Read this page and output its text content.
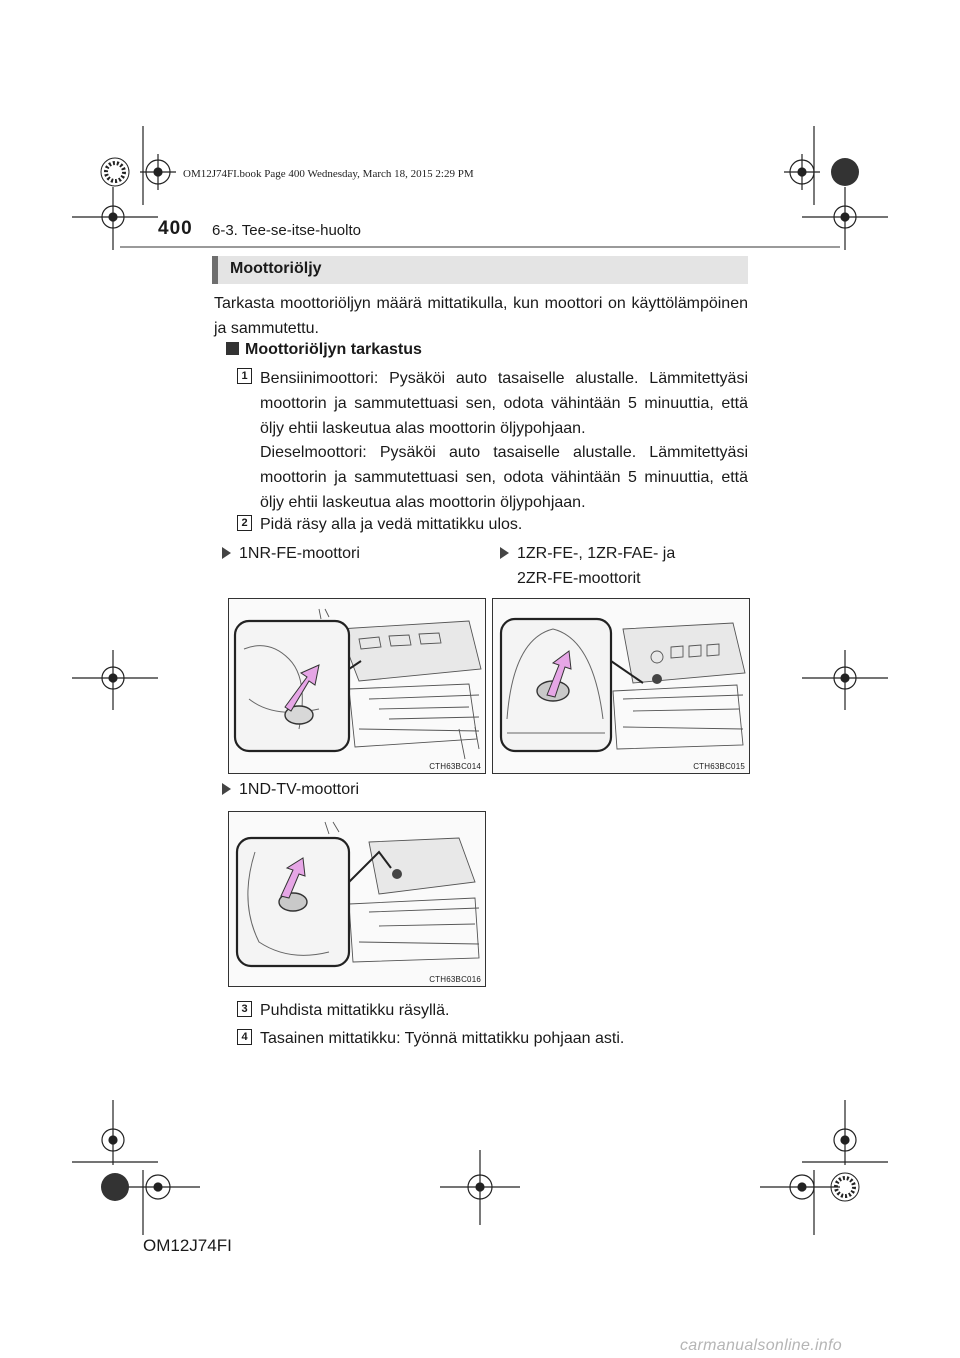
OM12J74FI.book Page 400 Wednesday, March 18, 2015 2:29 PM
400 6-3. Tee-se-itse-huolto
Moottoriöljy
Tarkasta moottoriöljyn määrä mittatikulla, kun moottori on käyttölämpöinen ja sammutettu.
Moottoriöljyn tarkastus
1 Bensiinimoottori: Pysäköi auto tasaiselle alustalle. Lämmitettyäsi moottorin ja sammutettuasi sen, odota vähintään 5 minuuttia, että öljy ehtii laskeutua alas moottorin öljypohjaan.
Dieselmoottori: Pysäköi auto tasaiselle alustalle. Lämmitettyäsi moottorin ja sammutettuasi sen, odota vähintään 5 minuuttia, että öljy ehtii laskeutua alas moottorin öljypohjaan.
2 Pidä räsy alla ja vedä mittatikku ulos.
1NR-FE-moottori	1ZR-FE-, 1ZR-FAE- ja
2ZR-FE-moottorit
CTH63BC014	CTH63BC015
1ND-TV-moottori
CTH63BC016
3 Puhdista mittatikku räsyllä.
4 Tasainen mittatikku: Työnnä mittatikku pohjaan asti.
OM12J74FI
carmanualsonline.info
